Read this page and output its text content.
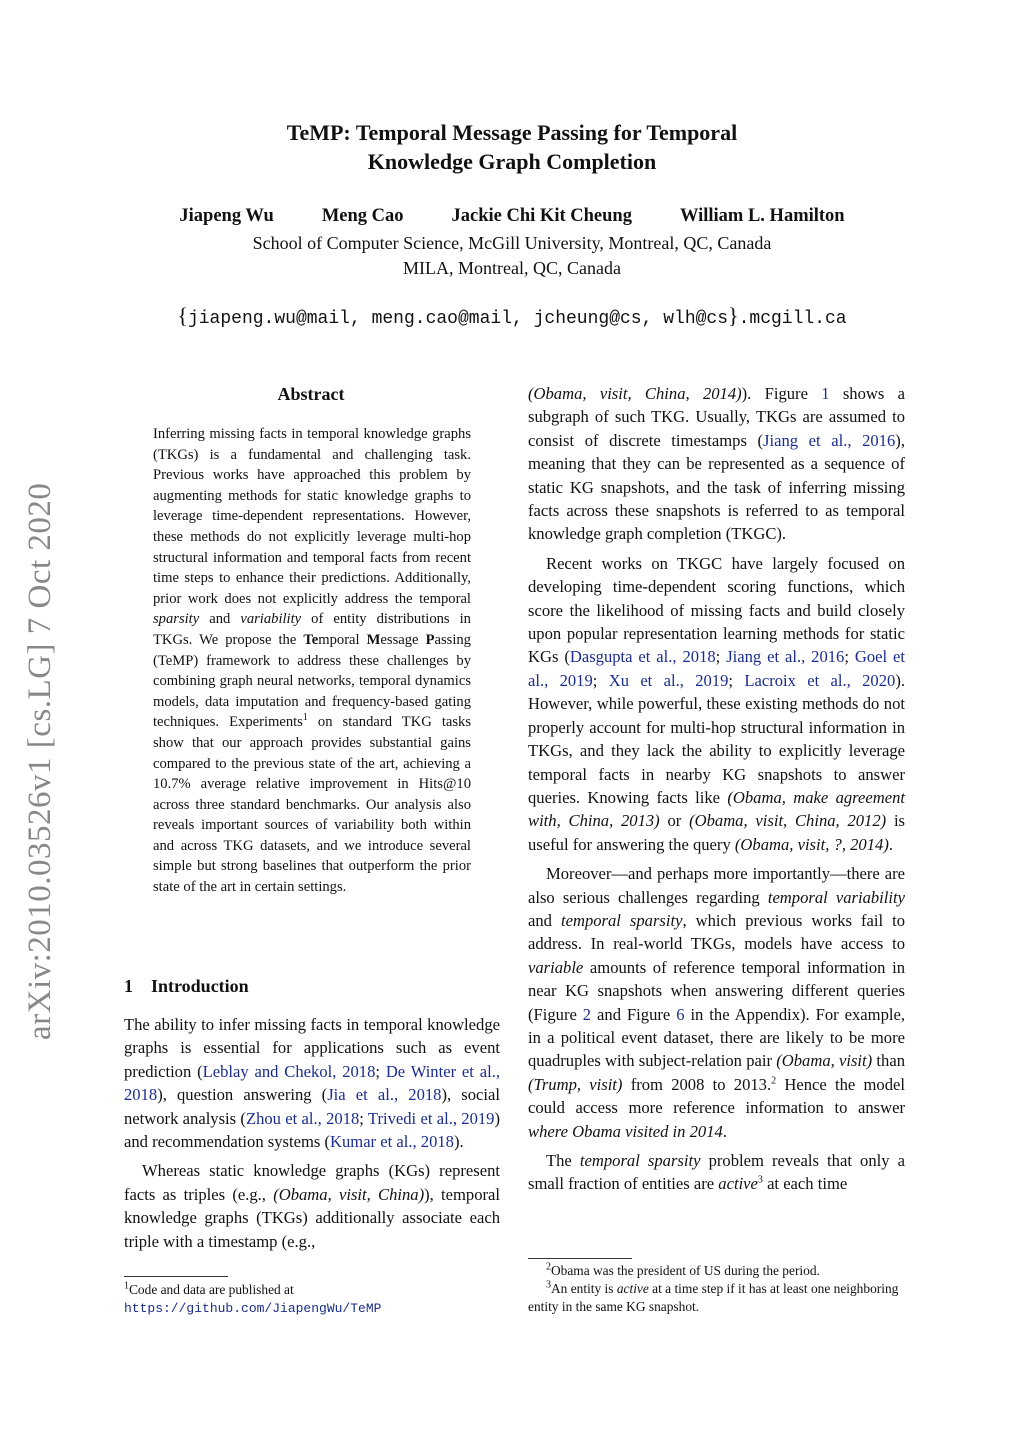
TeMP: Temporal Message Passing for Temporal
Knowledge Graph Completion
Jiapeng Wu	Meng Cao	Jackie Chi Kit Cheung	William L. Hamilton
School of Computer Science, McGill University, Montreal, QC, Canada
MILA, Montreal, QC, Canada
{jiapeng.wu@mail, meng.cao@mail, jcheung@cs, wlh@cs}.mcgill.ca
arXiv:2010.03526v1 [cs.LG] 7 Oct 2020
Abstract
Inferring missing facts in temporal knowledge graphs (TKGs) is a fundamental and challenging task. Previous works have approached this problem by augmenting methods for static knowledge graphs to leverage time-dependent representations. However, these methods do not explicitly leverage multi-hop structural information and temporal facts from recent time steps to enhance their predictions. Additionally, prior work does not explicitly address the temporal sparsity and variability of entity distributions in TKGs. We propose the Temporal Message Passing (TeMP) framework to address these challenges by combining graph neural networks, temporal dynamics models, data imputation and frequency-based gating techniques. Experiments$^1$ on standard TKG tasks show that our approach provides substantial gains compared to the previous state of the art, achieving a 10.7% average relative improvement in Hits@10 across three standard benchmarks. Our analysis also reveals important sources of variability both within and across TKG datasets, and we introduce several simple but strong baselines that outperform the prior state of the art in certain settings.
1 Introduction

The ability to infer missing facts in temporal knowledge graphs is essential for applications such as event prediction (Leblay and Chekol, 2018; De Winter et al., 2018), question answering (Jia et al., 2018), social network analysis (Zhou et al., 2018; Trivedi et al., 2019) and recommendation systems (Kumar et al., 2018).

Whereas static knowledge graphs (KGs) represent facts as triples (e.g., (Obama, visit, China)), temporal knowledge graphs (TKGs) additionally associate each triple with a timestamp (e.g.,

$^1$Code and data are published at https://github.com/JiapengWu/TeMP

(Obama, visit, China, 2014)). Figure 1 shows a subgraph of such TKG. Usually, TKGs are assumed to consist of discrete timestamps (Jiang et al., 2016), meaning that they can be represented as a sequence of static KG snapshots, and the task of inferring missing facts across these snapshots is referred to as temporal knowledge graph completion (TKGC).

Recent works on TKGC have largely focused on developing time-dependent scoring functions, which score the likelihood of missing facts and build closely upon popular representation learning methods for static KGs (Dasgupta et al., 2018; Jiang et al., 2016; Goel et al., 2019; Xu et al., 2019; Lacroix et al., 2020). However, while powerful, these existing methods do not properly account for multi-hop structural information in TKGs, and they lack the ability to explicitly leverage temporal facts in nearby KG snapshots to answer queries. Knowing facts like (Obama, make agreement with, China, 2013) or (Obama, visit, China, 2012) is useful for answering the query (Obama, visit, ?, 2014).

Moreover—and perhaps more importantly—there are also serious challenges regarding temporal variability and temporal sparsity, which previous works fail to address. In real-world TKGs, models have access to variable amounts of reference temporal information in near KG snapshots when answering different queries (Figure 2 and Figure 6 in the Appendix). For example, in a political event dataset, there are likely to be more quadruples with subject-relation pair (Obama, visit) than (Trump, visit) from 2008 to 2013.$^2$ Hence the model could access more reference information to answer where Obama visited in 2014.

The temporal sparsity problem reveals that only a small fraction of entities are active$^3$ at each time

$^2$Obama was the president of US during the period.
$^3$An entity is active at a time step if it has at least one neighboring entity in the same KG snapshot.
